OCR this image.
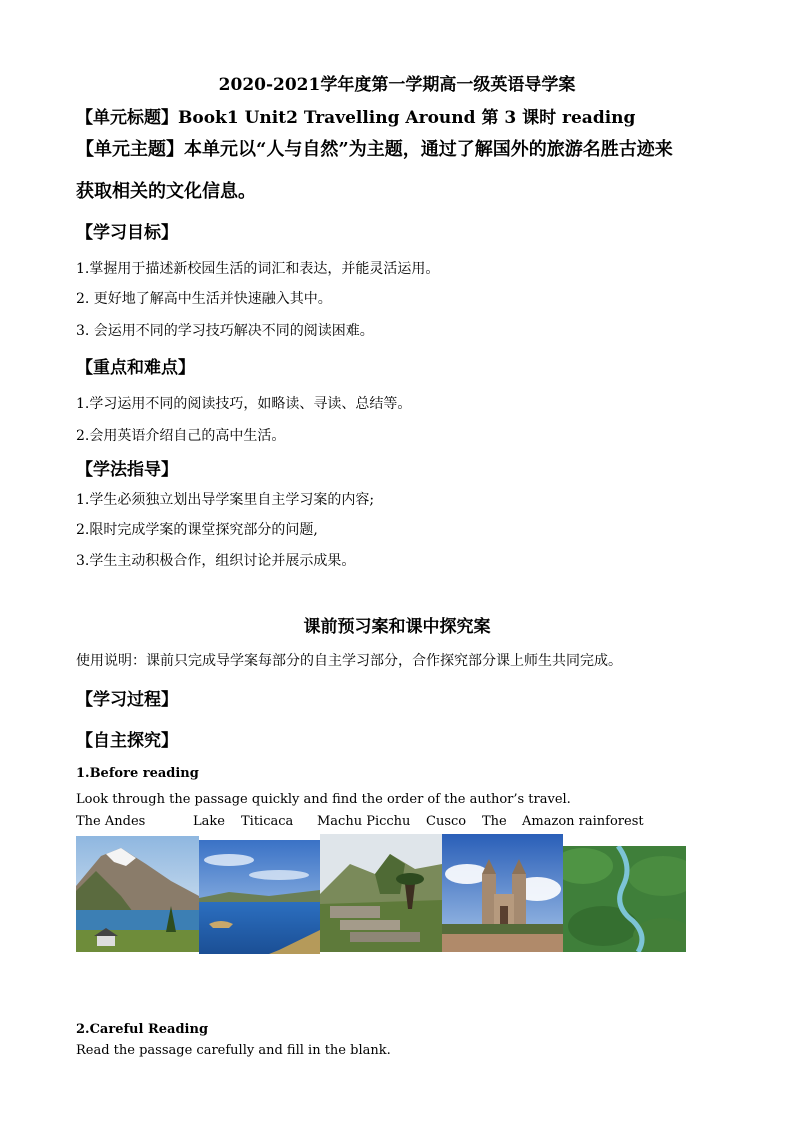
2020-2021学年度第一学期高一级英语导学案
【单元标题】Book1 Unit2 Travelling Around 第 3 课时 reading
【单元主题】本单元以“人与自然”为主题，通过了解国外的旅游名胜古迹来
获取相关的文化信息。
【学习目标】
1.掌握用于描述新校园生活的词汇和表达，并能灵活运用。
2. 更好地了解高中生活并快速融入其中。
3. 会运用不同的学习技巧解决不同的阅读困难。
【重点和难点】
1.学习运用不同的阅读技巧，如略读、寻读、总结等。
2.会用英语介绍自己的高中生活。
【学法指导】
1.学生必须独立划出导学案里自主学习案的内容;
2.限时完成学案的课堂探究部分的问题,
3.学生主动积极合作，组织讨论并展示成果。
课前预习案和课中探究案
使用说明：课前只完成导学案每部分的自主学习部分，合作探究部分课上师生共同完成。
【学习过程】
【自主探究】
1.Before reading
Look through the passage quickly and find the order of the author’s travel.
The Andes	Lake Titicaca Machu Picchu Cusco The Amazon rainforest
2.Careful Reading
Read the passage carefully and fill in the blank.
